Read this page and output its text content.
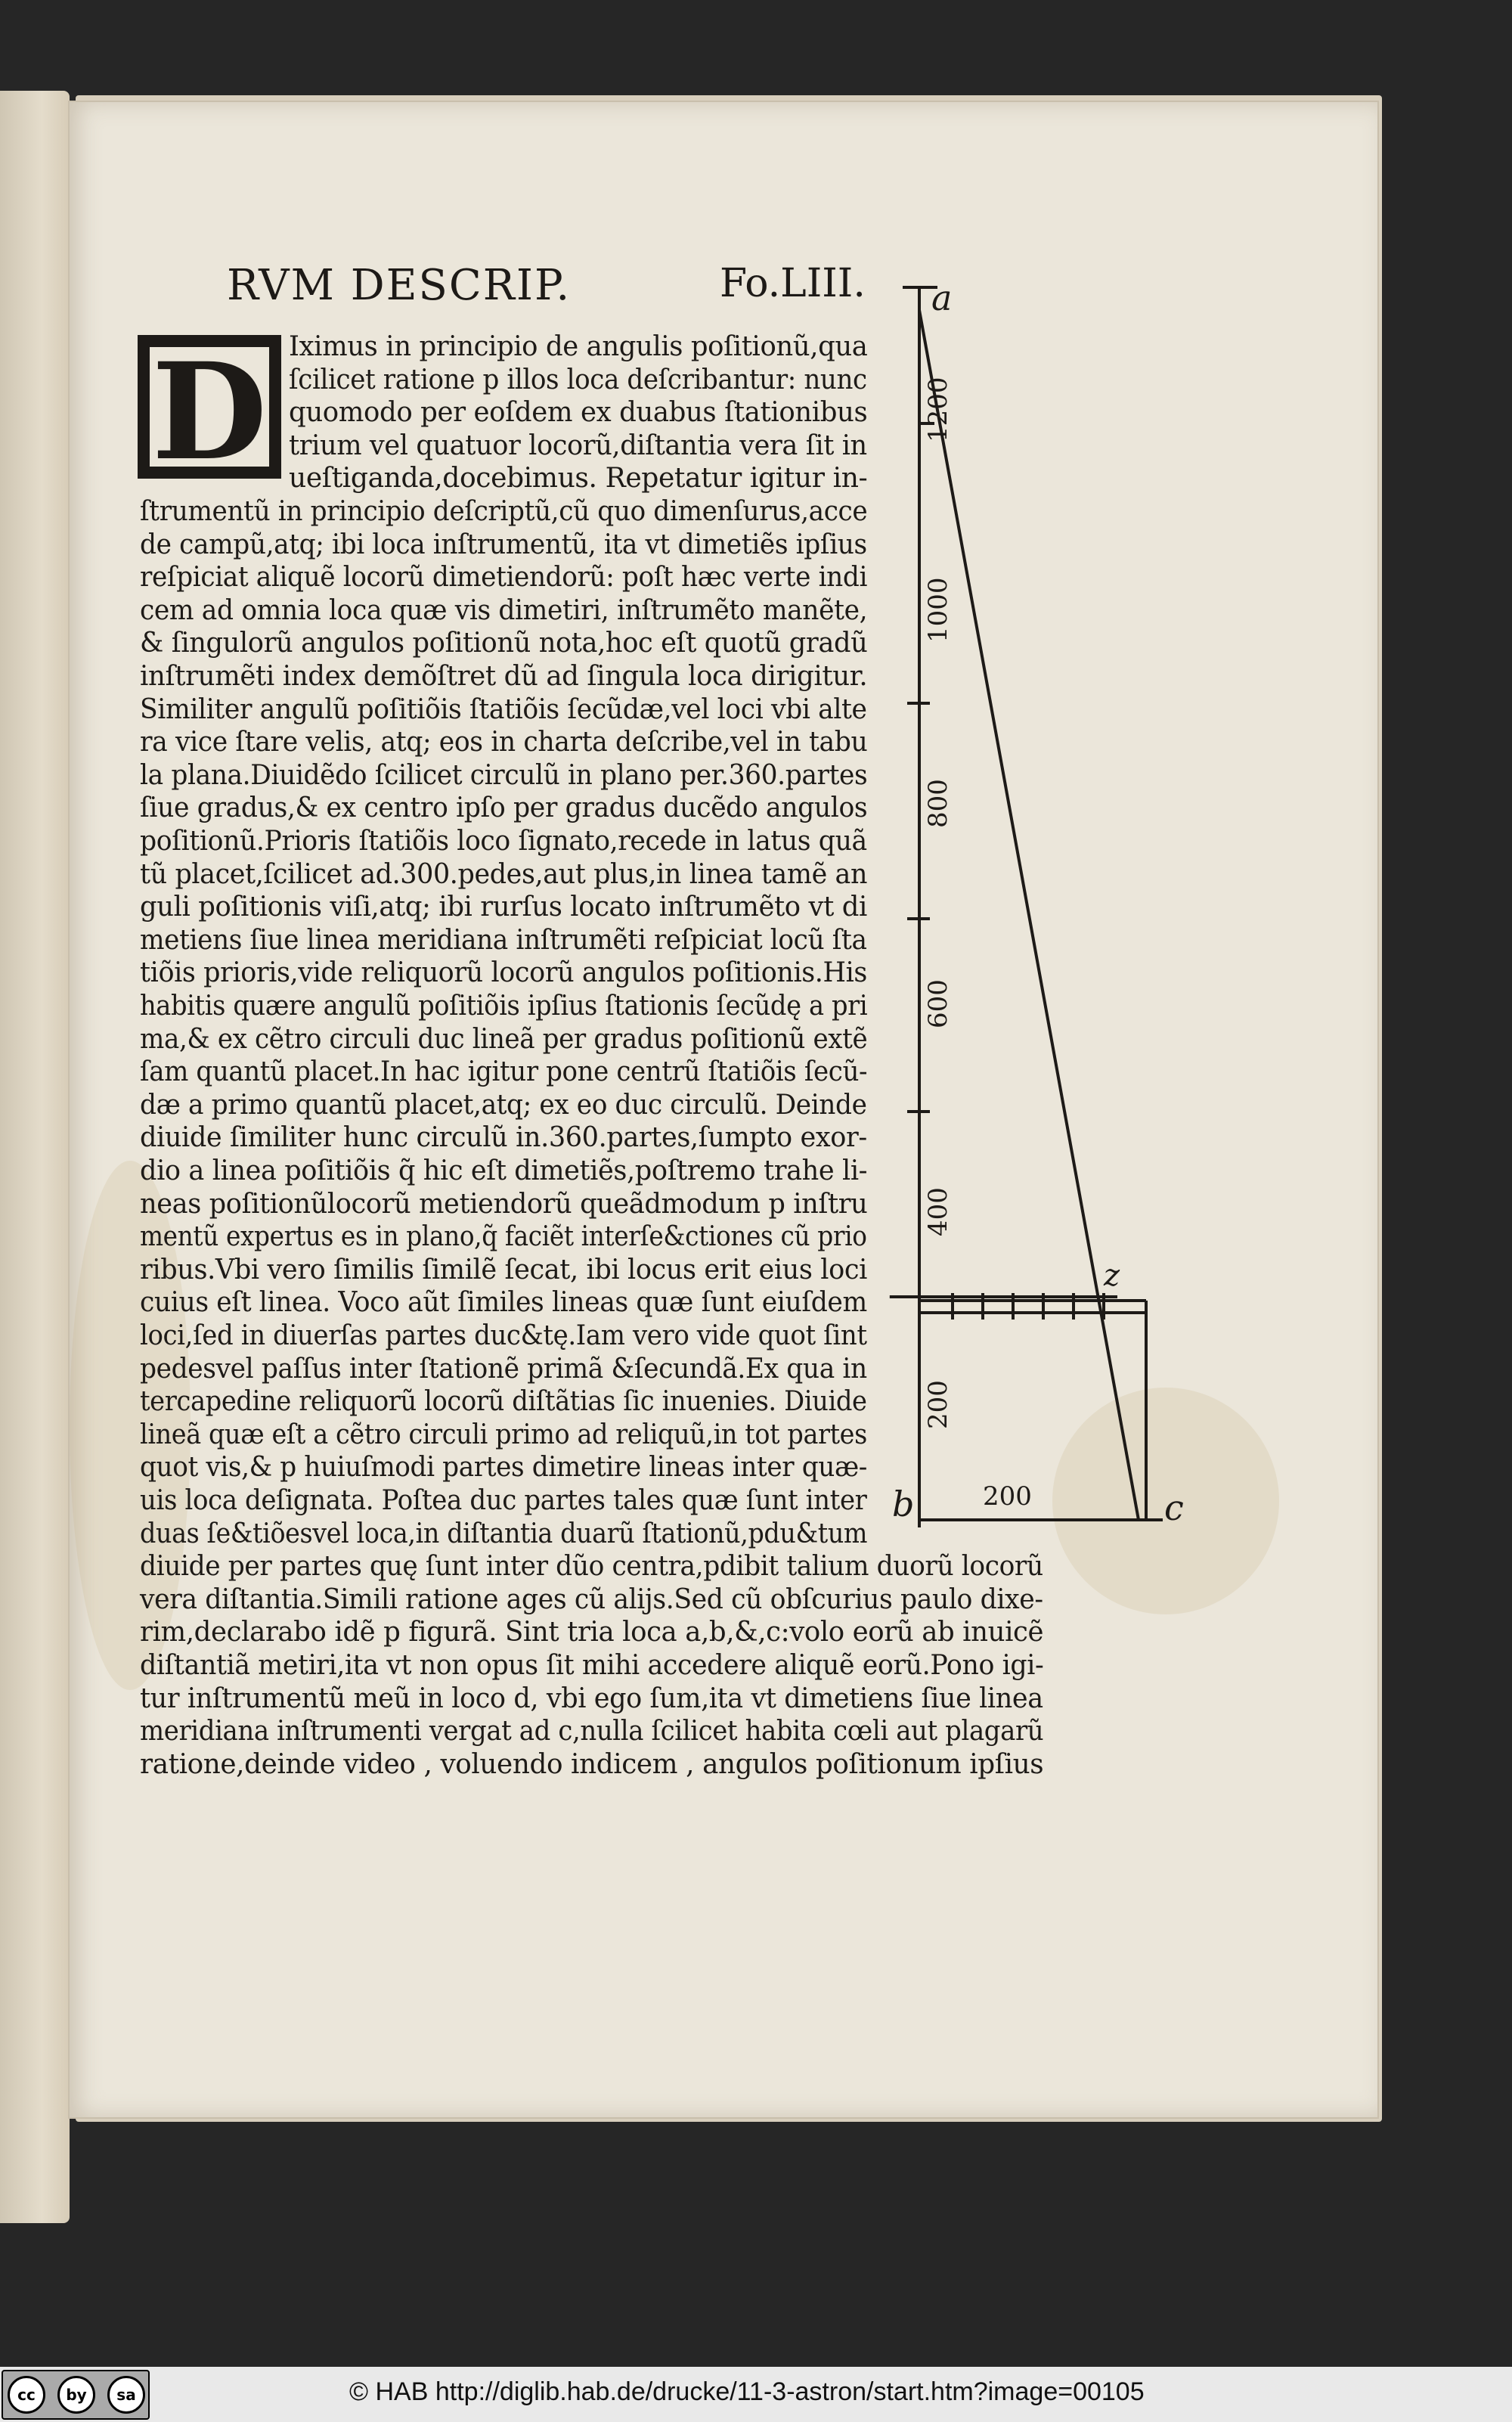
RVM DESCRIP.	Fo.LIII.
D Iximus in principio de angulis poſitionũ,qua
ſcilicet ratione p illos loca deſcribantur: nunc
quomodo per eoſdem ex duabus ſtationibus
trium vel quatuor locorũ,diſtantia vera ſit in
ueſtiganda,docebimus. Repetatur igitur in-
ſtrumentũ in principio deſcriptũ,cũ quo dimenſurus,acce
de campũ,atq; ibi loca inſtrumentũ, ita vt dimetiẽs ipſius
reſpiciat aliquẽ locorũ dimetiendorũ: poſt hæc verte indi
cem ad omnia loca quæ vis dimetiri, inſtrumẽto manẽte,
& ſingulorũ angulos poſitionũ nota,hoc eſt quotũ gradũ
inſtrumẽti index demõſtret dũ ad ſingula loca dirigitur.
Similiter angulũ poſitiõis ſtatiõis ſecũdæ,vel loci vbi alte
ra vice ſtare velis, atq; eos in charta deſcribe,vel in tabu
la plana.Diuidẽdo ſcilicet circulũ in plano per.360.partes
ſiue gradus,& ex centro ipſo per gradus ducẽdo angulos
poſitionũ.Prioris ſtatiõis loco ſignato,recede in latus quã
tũ placet,ſcilicet ad.300.pedes,aut plus,in linea tamẽ an
guli poſitionis viſi,atq; ibi rurſus locato inſtrumẽto vt di
metiens ſiue linea meridiana inſtrumẽti reſpiciat locũ ſta
tiõis prioris,vide reliquorũ locorũ angulos poſitionis.His
habitis quære angulũ poſitiõis ipſius ſtationis ſecũdę a pri
ma,& ex cẽtro circuli duc lineã per gradus poſitionũ extẽ
ſam quantũ placet.In hac igitur pone centrũ ſtatiõis ſecũ-
dæ a primo quantũ placet,atq; ex eo duc circulũ. Deinde
diuide ſimiliter hunc circulũ in.360.partes,ſumpto exor-
dio a linea poſitiõis q̃ hic eſt dimetiẽs,poſtremo trahe li-
neas poſitionũlocorũ metiendorũ queãdmodum p inſtru
mentũ expertus es in plano,q̃ faciẽt interſe&ctiones cũ prio
ribus.Vbi vero ſimilis ſimilẽ ſecat, ibi locus erit eius loci
cuius eſt linea. Voco aũt ſimiles lineas quæ ſunt eiuſdem
loci,ſed in diuerſas partes duc&tę.Iam vero vide quot ſint
pedesvel paſſus inter ſtationẽ primã &ſecundã.Ex qua in
tercapedine reliquorũ locorũ diſtãtias ſic inuenies. Diuide
lineã quæ eſt a cẽtro circuli primo ad reliquũ,in tot partes
quot vis,& p huiuſmodi partes dimetire lineas inter quæ-
uis loca deſignata. Poſtea duc partes tales quæ ſunt inter
duas ſe&tiõesvel loca,in diſtantia duarũ ſtationũ,pdu&tum
diuide per partes quę ſunt inter dũo centra,pdibit talium duorũ locorũ
vera diſtantia.Simili ratione ages cũ alijs.Sed cũ obſcurius paulo dixe-
rim,declarabo idẽ p figurã. Sint tria loca a,b,&,c:volo eorũ ab inuicẽ
diſtantiã metiri,ita vt non opus ſit mihi accedere aliquẽ eorũ.Pono igi-
tur inſtrumentũ meũ in loco d, vbi ego ſum,ita vt dimetiens ſiue linea
meridiana inſtrumenti vergat ad c,nulla ſcilicet habita cœli aut plagarũ
ratione,deinde video , voluendo indicem , angulos poſitionum ipſius
a
b	c
z
1200
1000
800
600
400
200
200
cc	by	sa	© HAB http://diglib.hab.de/drucke/11-3-astron/start.htm?image=00105
